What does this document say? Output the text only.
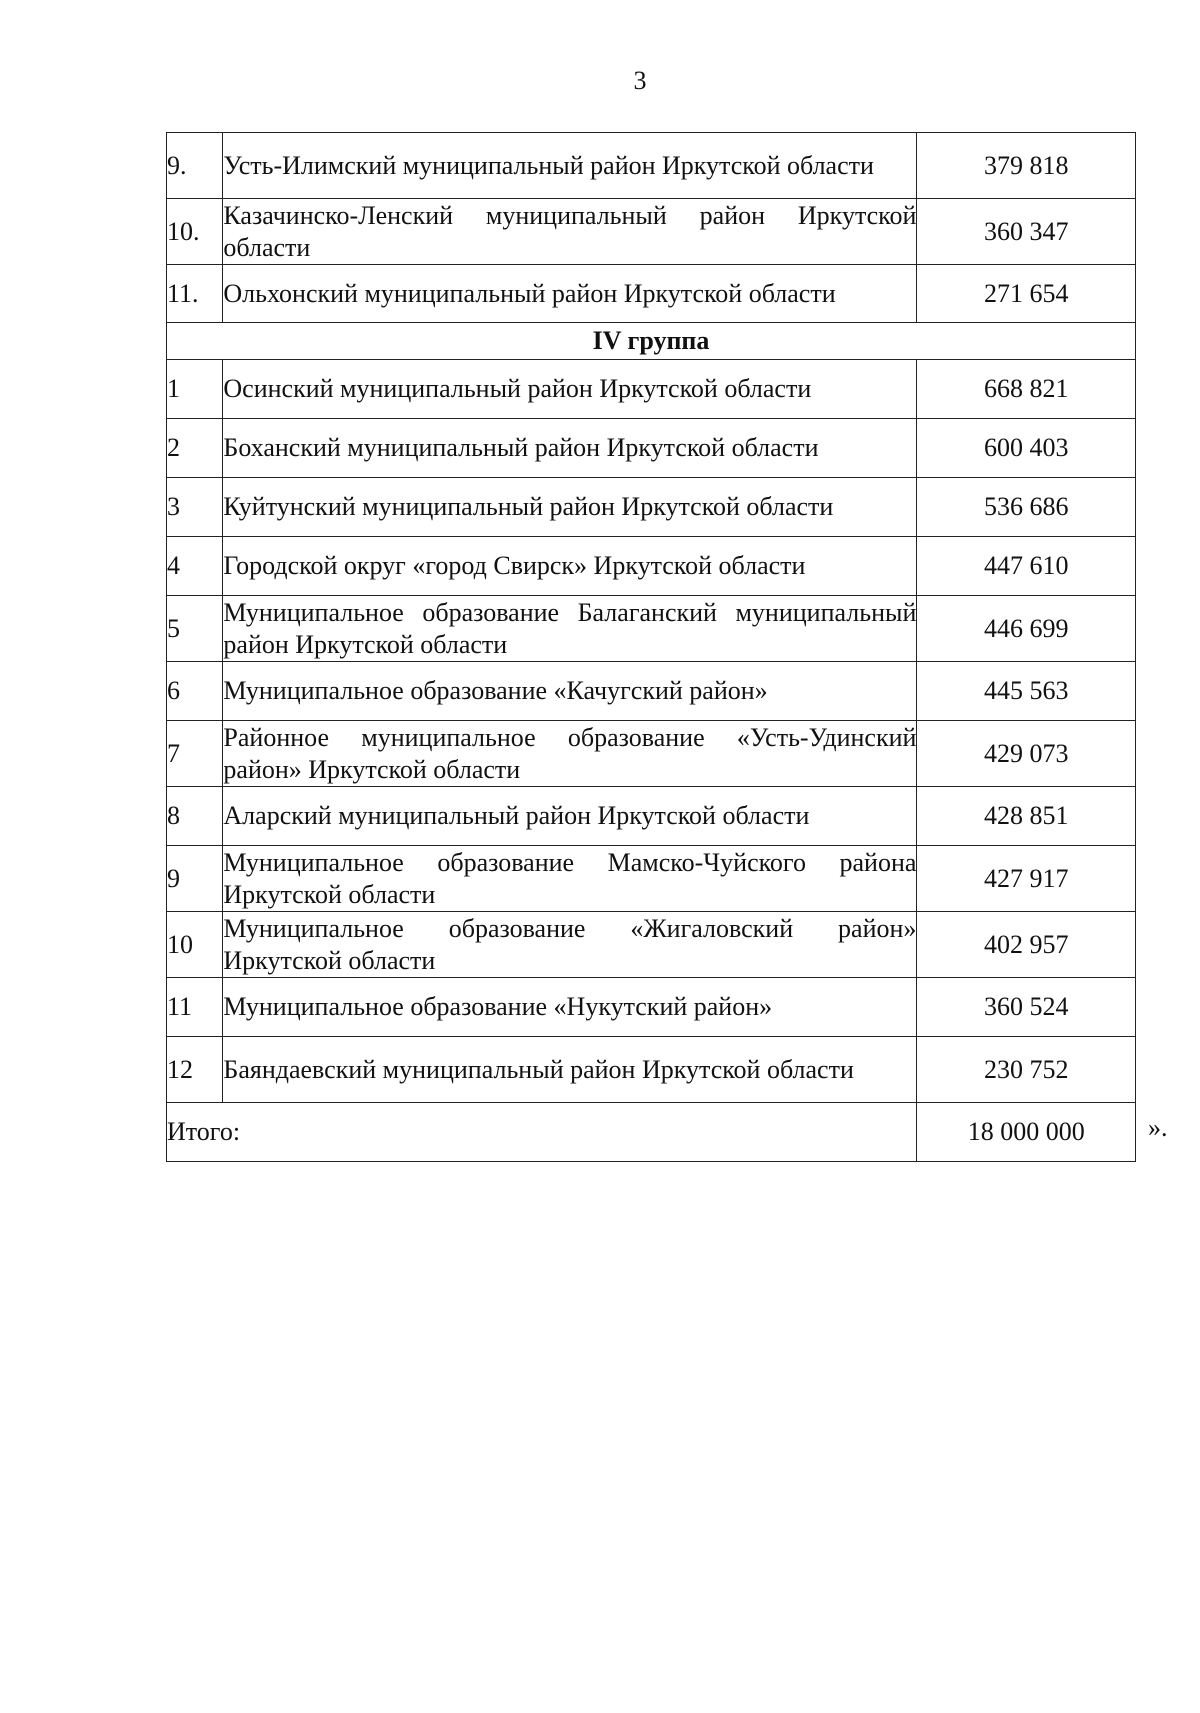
3
9.	Усть-Илимский муниципальный район Иркутской области	379 818
10.	Казачинско-Ленский муниципальный район Иркутской области	360 347
11.	Ольхонский муниципальный район Иркутской области	271 654
IV группа		
1	Осинский муниципальный район Иркутской области	668 821
2	Боханский муниципальный район Иркутской области	600 403
3	Куйтунский муниципальный район Иркутской области	536 686
4	Городской округ «город Свирск» Иркутской области	447 610
5	Муниципальное образование Балаганский муниципальный район Иркутской области	446 699
6	Муниципальное образование «Качугский район»	445 563
7	Районное муниципальное образование «Усть-Удинский район» Иркутской области	429 073
8	Аларский муниципальный район Иркутской области	428 851
9	Муниципальное образование Мамско-Чуйского района Иркутской области	427 917
10	Муниципальное образование «Жигаловский район» Иркутской области	402 957
11	Муниципальное образование «Нукутский район»	360 524
12	Баяндаевский муниципальный район Иркутской области	230 752
Итого:		18 000 000 ».
